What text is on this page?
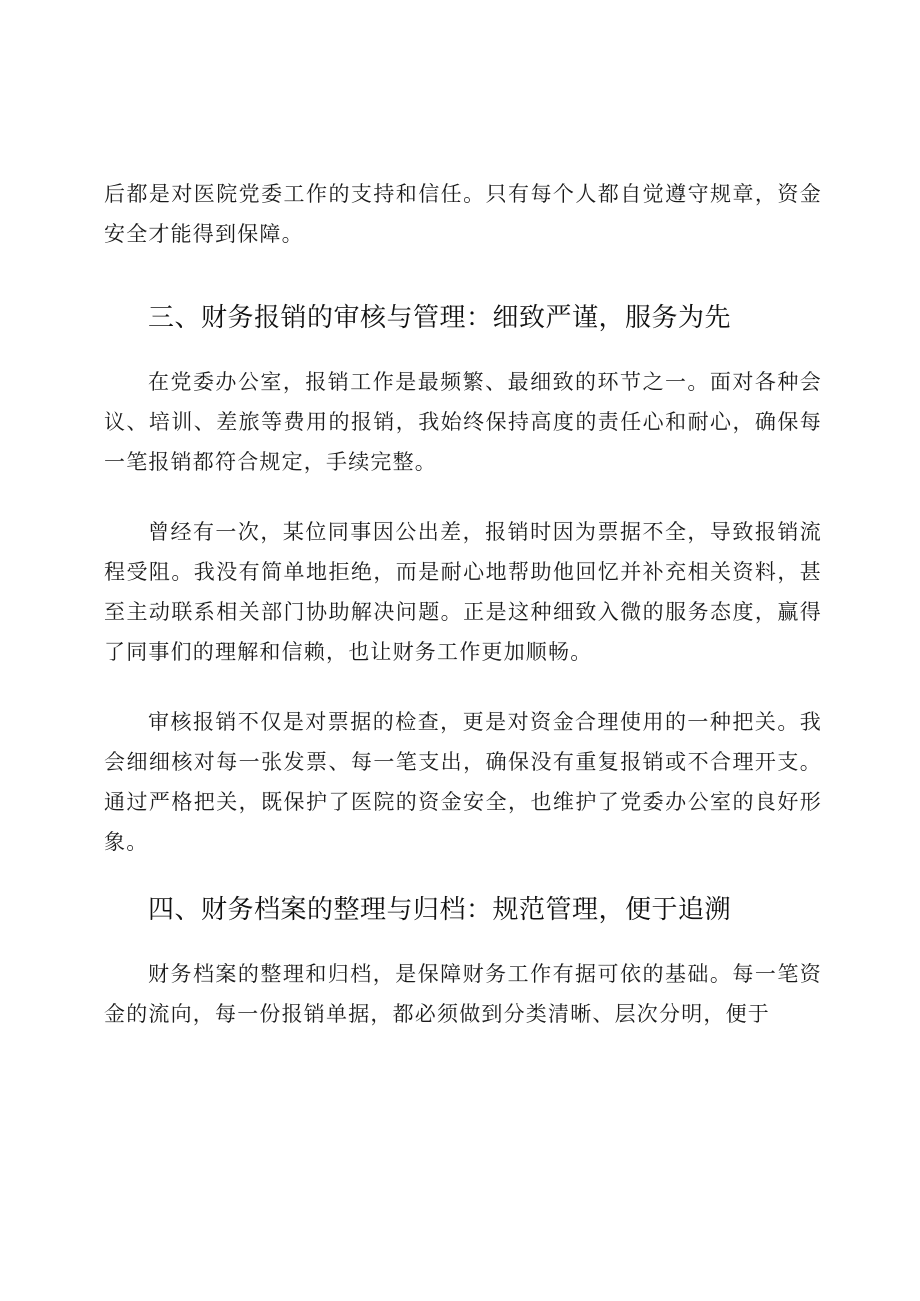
后都是对医院党委工作的支持和信任。只有每个人都自觉遵守规章，资金安全才能得到保障。

三、财务报销的审核与管理：细致严谨，服务为先

在党委办公室，报销工作是最频繁、最细致的环节之一。面对各种会议、培训、差旅等费用的报销，我始终保持高度的责任心和耐心，确保每一笔报销都符合规定，手续完整。

曾经有一次，某位同事因公出差，报销时因为票据不全，导致报销流程受阻。我没有简单地拒绝，而是耐心地帮助他回忆并补充相关资料，甚至主动联系相关部门协助解决问题。正是这种细致入微的服务态度，赢得了同事们的理解和信赖，也让财务工作更加顺畅。

审核报销不仅是对票据的检查，更是对资金合理使用的一种把关。我会细细核对每一张发票、每一笔支出，确保没有重复报销或不合理开支。通过严格把关，既保护了医院的资金安全，也维护了党委办公室的良好形象。

四、财务档案的整理与归档：规范管理，便于追溯

财务档案的整理和归档，是保障财务工作有据可依的基础。每一笔资金的流向，每一份报销单据，都必须做到分类清晰、层次分明，便于
